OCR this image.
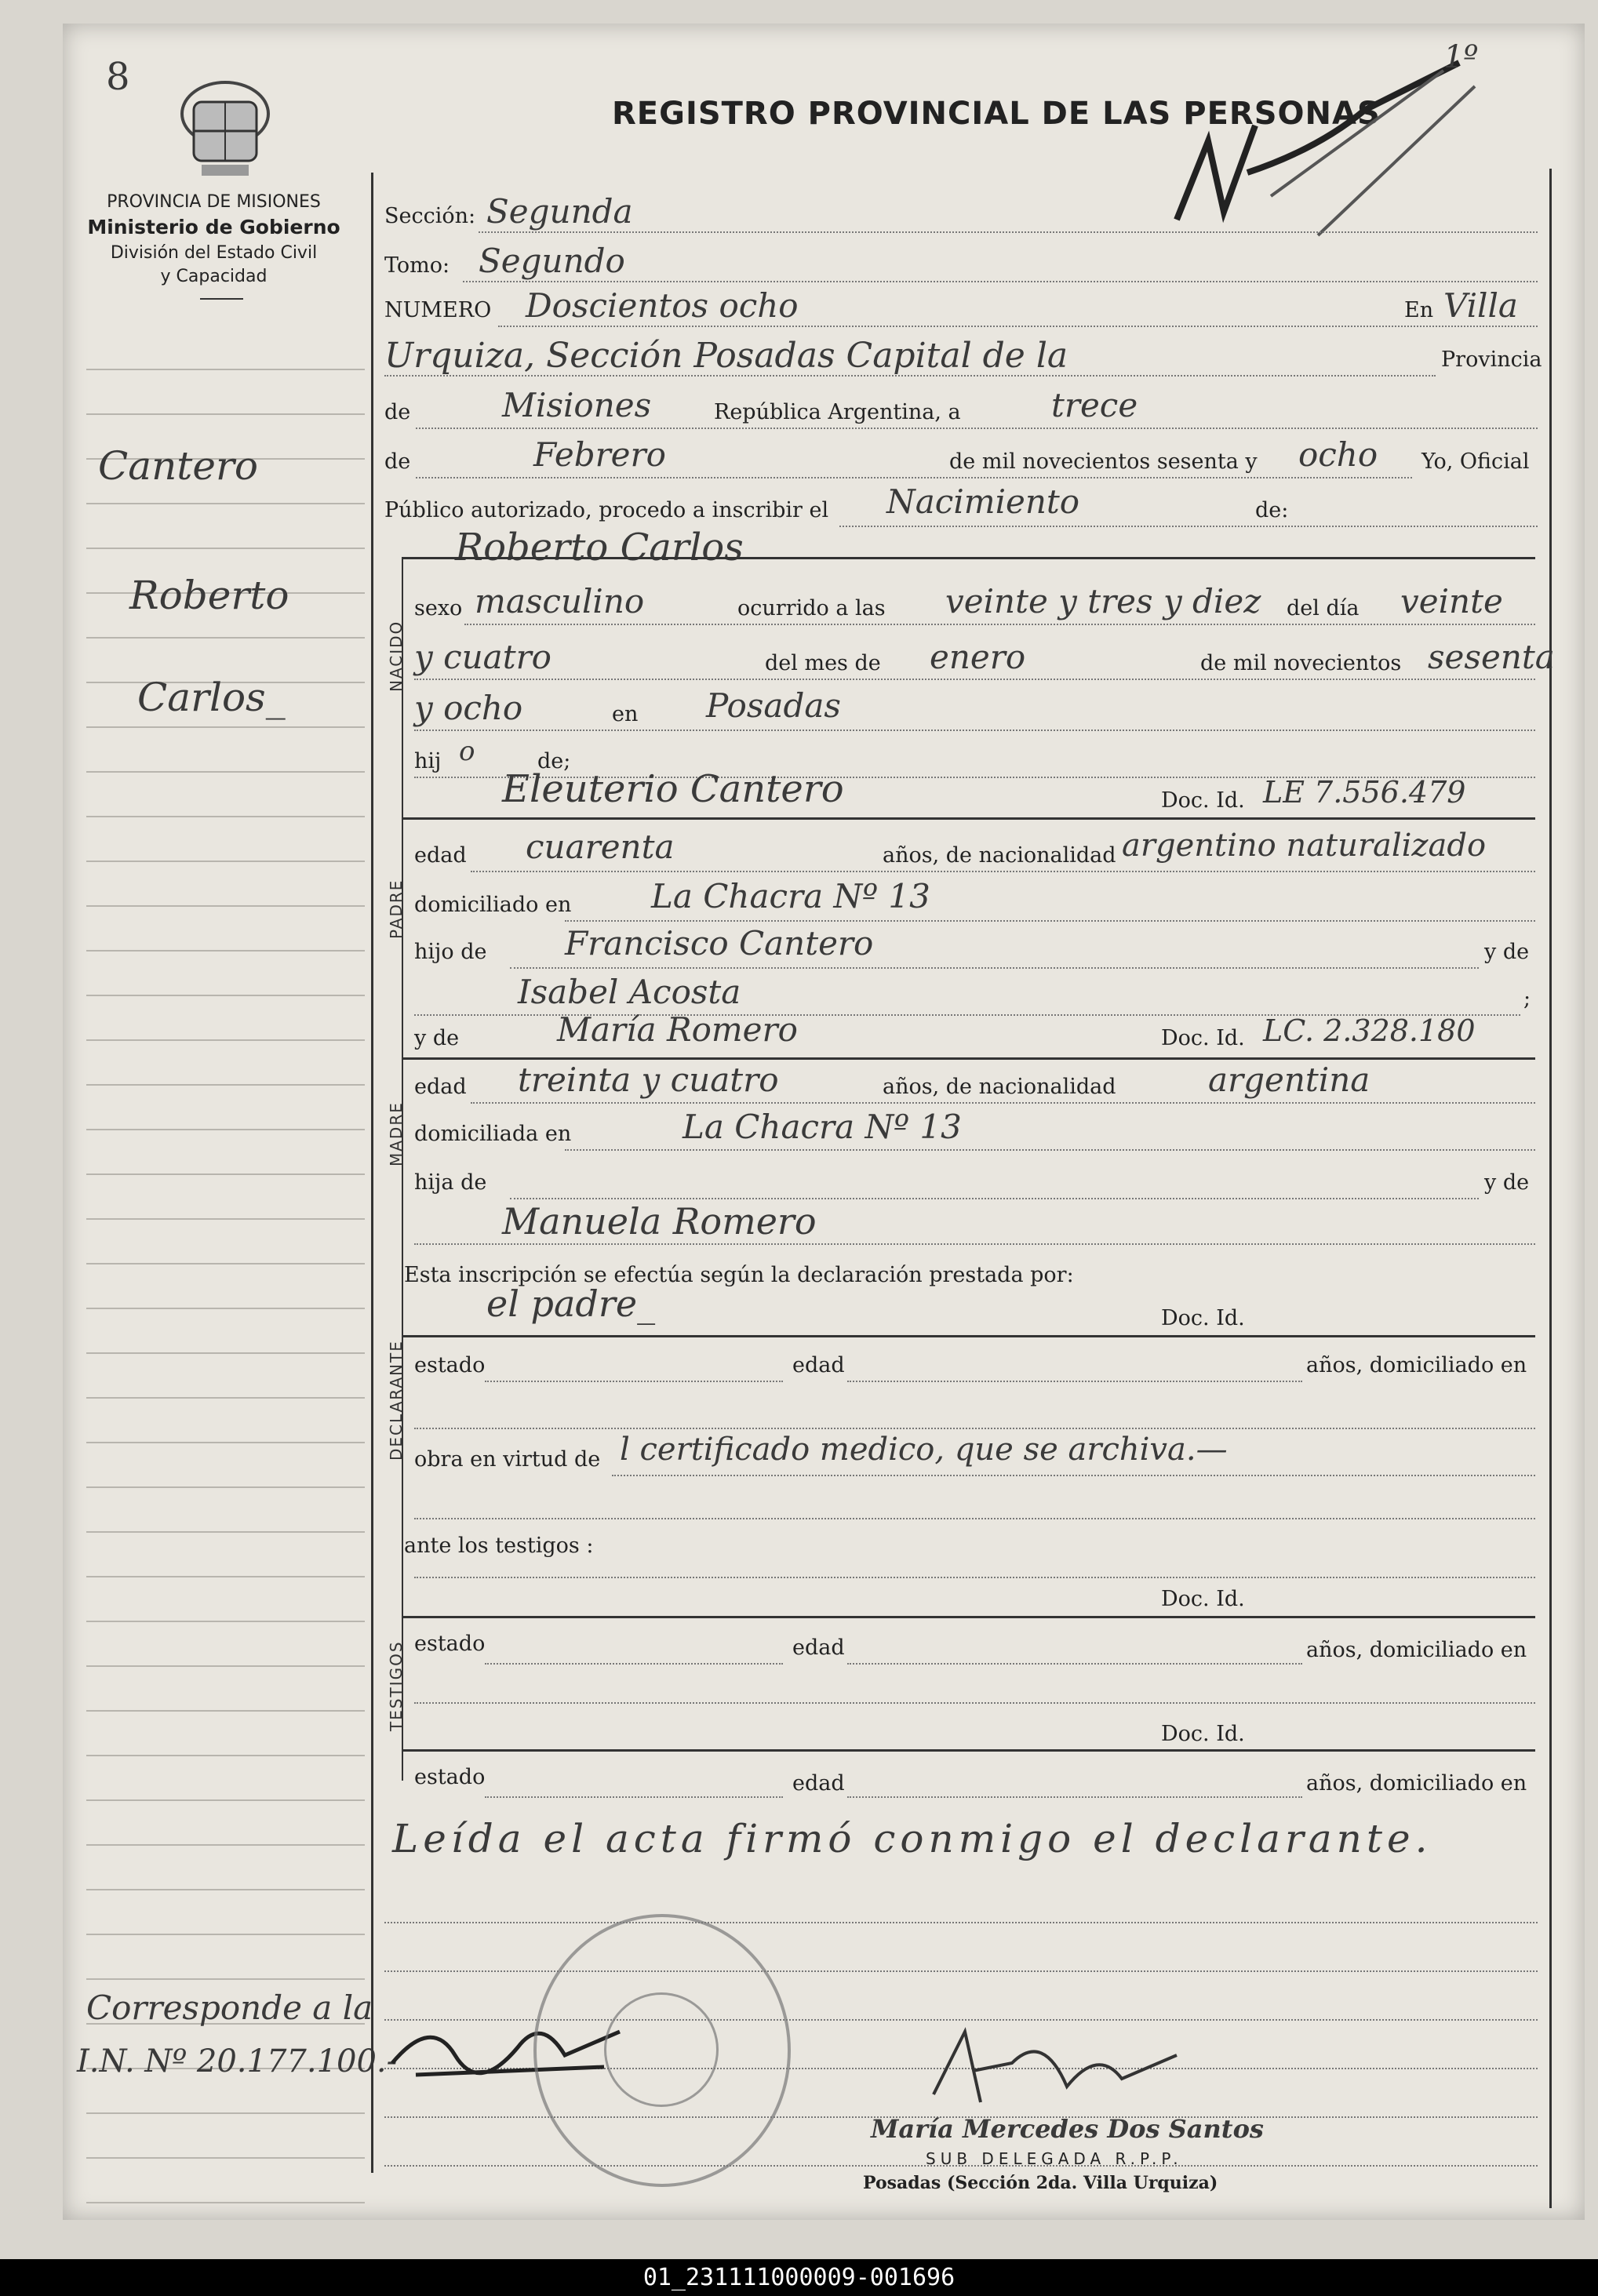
8
PROVINCIA DE MISIONES
Ministerio de Gobierno
División del Estado Civil
y Capacidad
REGISTRO PROVINCIAL DE LAS PERSONAS
1º
Cantero
Roberto
Carlos_
Corresponde a la
I.N. Nº 20.177.100.-
Sección: Segunda
Tomo: Segundo
NUMERO Doscientos ocho	En Villa
Urquiza, Sección Posadas Capital de la	Provincia
de	Misiones	República Argentina, a	trece
de	Febrero	de mil novecientos sesenta y ocho Yo, Oficial
Público autorizado, procedo a inscribir el Nacimiento	de:
Roberto Carlos
NACIDO
sexo masculino	ocurrido a las veinte y tres y diez del día veinte
y cuatro	del mes de enero	de mil novecientos sesenta
y ocho	en Posadas
hij o	de;
Eleuterio Cantero	Doc. Id. LE 7.556.479
PADRE
edad cuarenta	años, de nacionalidad argentino naturalizado
domiciliado en La Chacra Nº 13
hijo de Francisco Cantero	y de
Isabel Acosta	;
y de	María Romero	Doc. Id. LC. 2.328.180
MADRE
edad treinta y cuatro	años, de nacionalidad	argentina
domiciliada en	La Chacra Nº 13
hija de	y de
Manuela Romero
Esta inscripción se efectúa según la declaración prestada por:
el padre_	Doc. Id.
DECLARANTE estado	edad	años, domiciliado en
obra en virtud de l certificado medico, que se archiva.—
ante los testigos :
Doc. Id.
TESTIGOS estado	edad	años, domiciliado en
Doc. Id.
estado	edad	años, domiciliado en
Leída el acta firmó conmigo el declarante.
María Mercedes Dos Santos
SUB DELEGADA R.P.P.
Posadas (Sección 2da. Villa Urquiza)
01_231111000009-001696
